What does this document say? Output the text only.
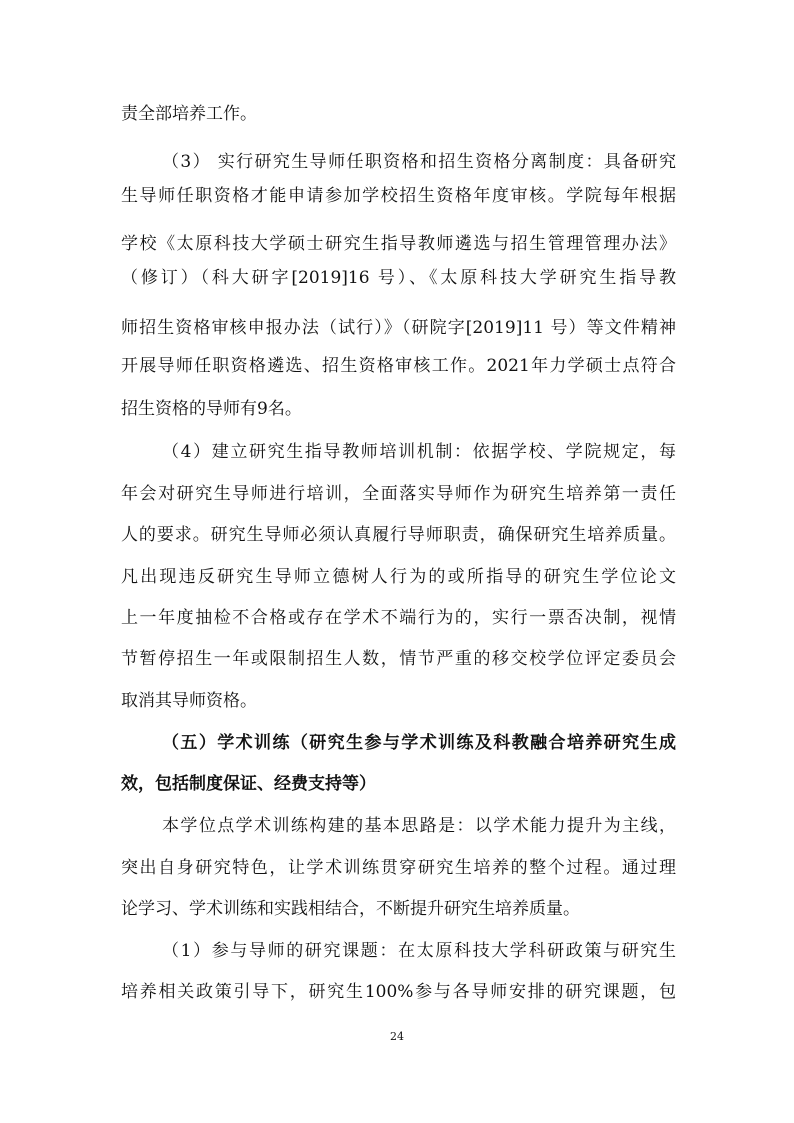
责全部培养工作。
（3） 实行研究生导师任职资格和招生资格分离制度：具备研究
生导师任职资格才能申请参加学校招生资格年度审核。学院每年根据
学校《太原科技大学硕士研究生指导教师遴选与招生管理管理办法》
（修订）（科大研字[2019]16 号）、《太原科技大学研究生指导教
师招生资格审核申报办法（试行）》（研院字[2019]11 号）等文件精神
开展导师任职资格遴选、招生资格审核工作。2021年力学硕士点符合
招生资格的导师有9名。
（4）建立研究生指导教师培训机制：依据学校、学院规定，每
年会对研究生导师进行培训，全面落实导师作为研究生培养第一责任
人的要求。研究生导师必须认真履行导师职责，确保研究生培养质量。
凡出现违反研究生导师立德树人行为的或所指导的研究生学位论文
上一年度抽检不合格或存在学术不端行为的，实行一票否决制，视情
节暂停招生一年或限制招生人数，情节严重的移交校学位评定委员会
取消其导师资格。
（五）学术训练（研究生参与学术训练及科教融合培养研究生成
效，包括制度保证、经费支持等）
本学位点学术训练构建的基本思路是：以学术能力提升为主线，
突出自身研究特色，让学术训练贯穿研究生培养的整个过程。通过理
论学习、学术训练和实践相结合，不断提升研究生培养质量。
（1）参与导师的研究课题：在太原科技大学科研政策与研究生
培养相关政策引导下，研究生100%参与各导师安排的研究课题，包
24
